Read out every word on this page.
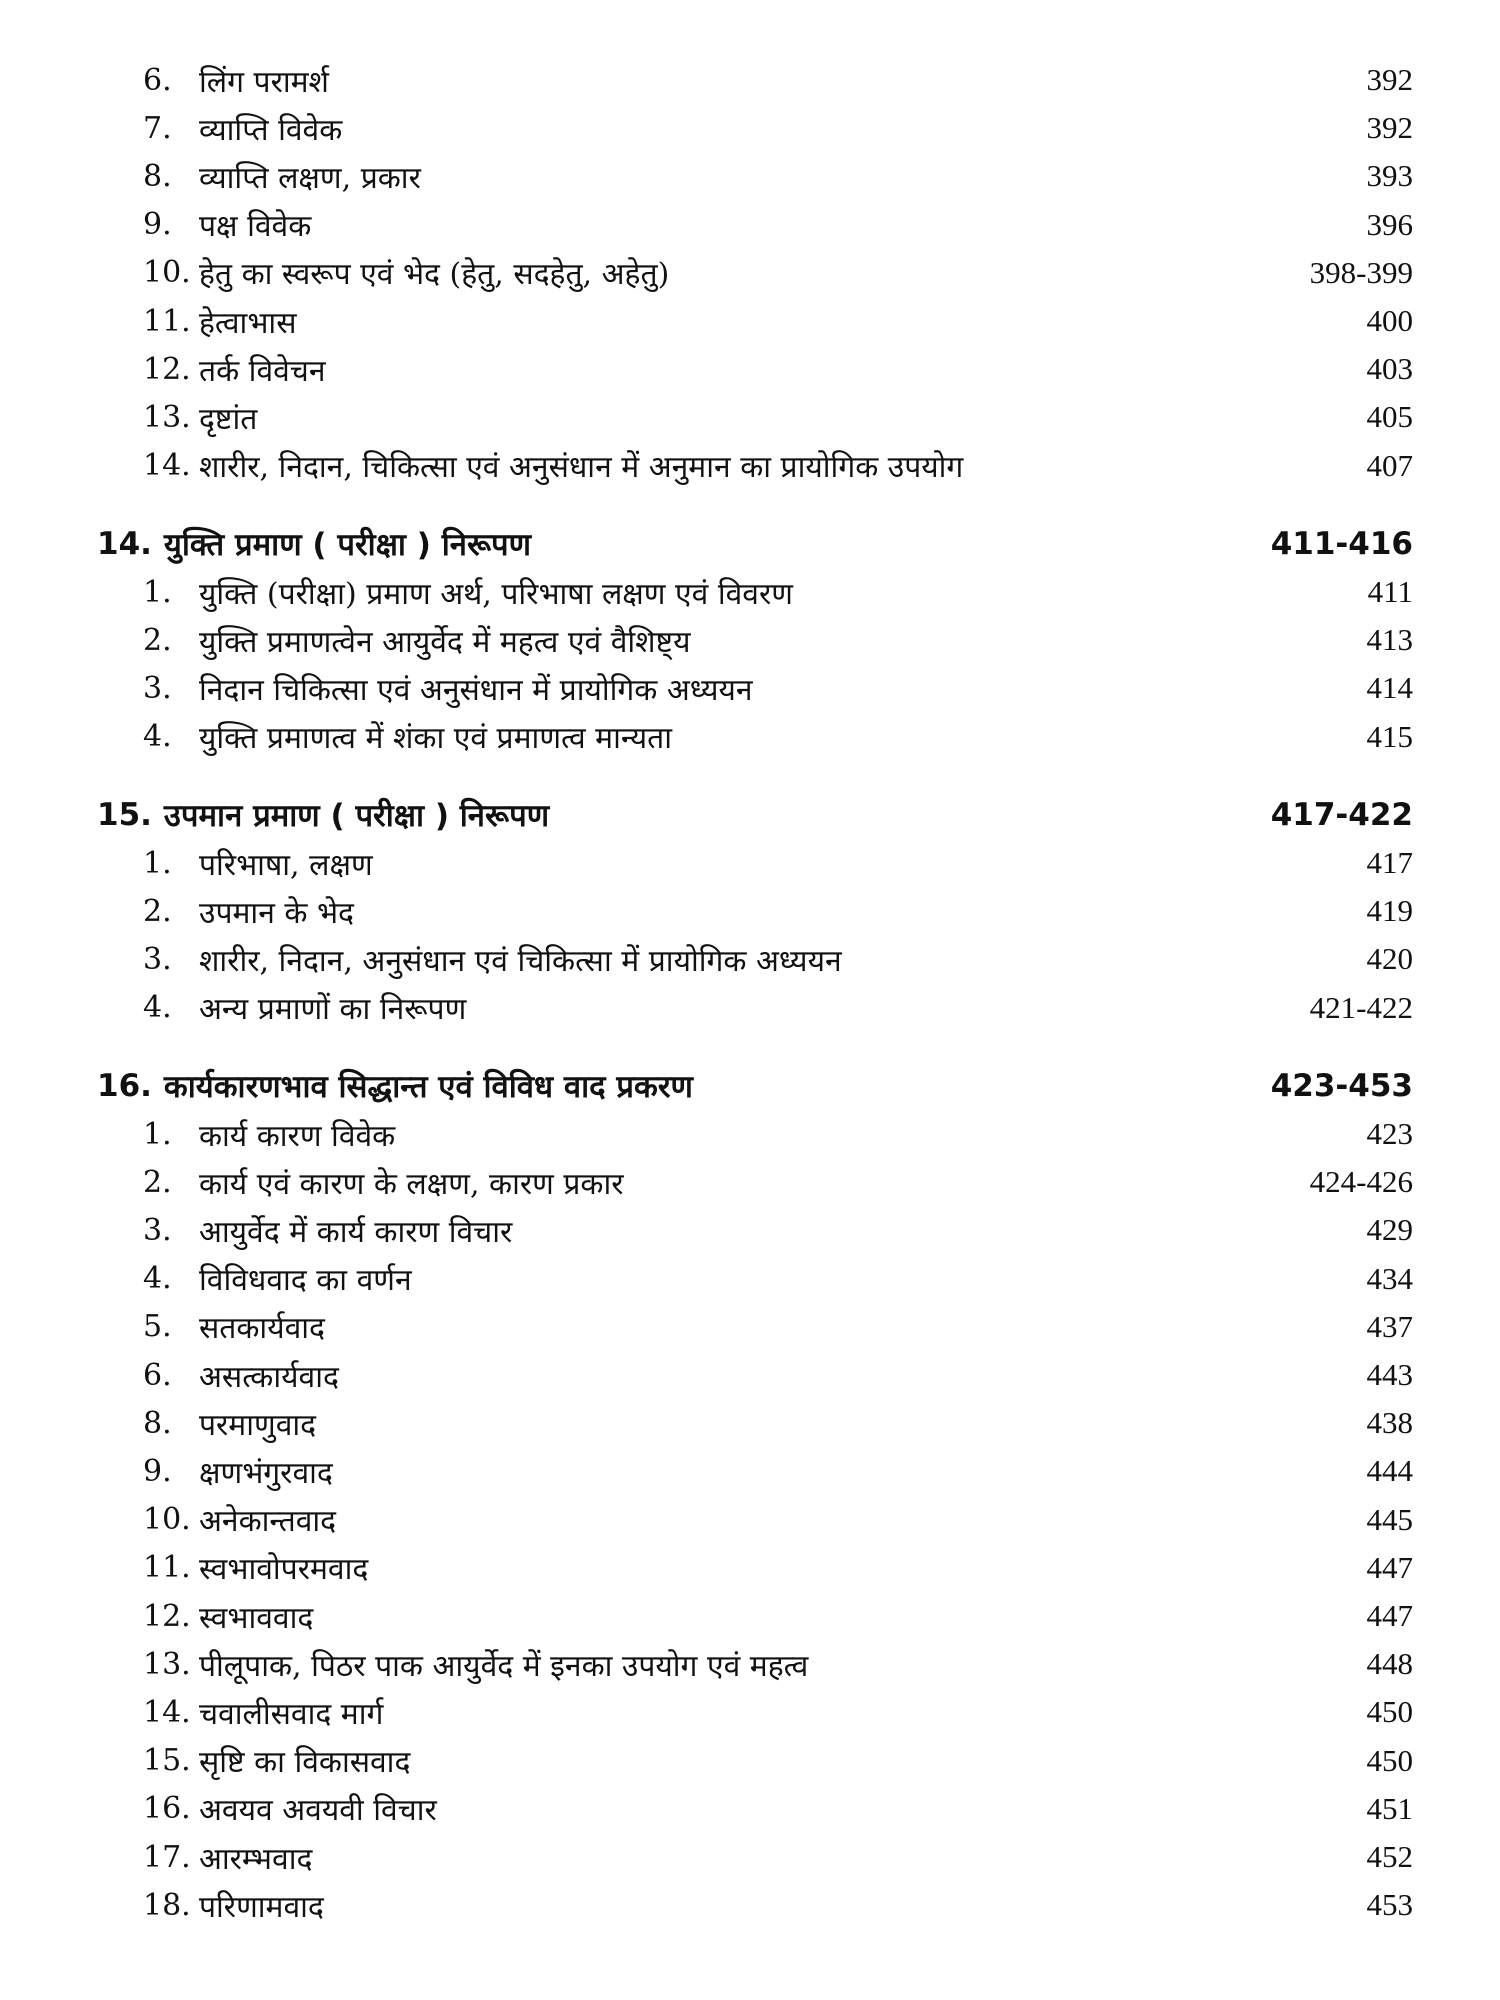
6. लिंग परामर्श	392
7. व्याप्ति विवेक	392
8. व्याप्ति लक्षण, प्रकार	393
9. पक्ष विवेक	396
10. हेतु का स्वरूप एवं भेद (हेतु, सदहेतु, अहेतु)	398-399
11. हेत्वाभास	400
12. तर्क विवेचन	403
13. दृष्टांत	405
14. शारीर, निदान, चिकित्सा एवं अनुसंधान में अनुमान का प्रायोगिक उपयोग	407
14. युक्ति प्रमाण ( परीक्षा ) निरूपण	411-416
1. युक्ति (परीक्षा) प्रमाण अर्थ, परिभाषा लक्षण एवं विवरण	411
2. युक्ति प्रमाणत्वेन आयुर्वेद में महत्व एवं वैशिष्ट्य	413
3. निदान चिकित्सा एवं अनुसंधान में प्रायोगिक अध्ययन	414
4. युक्ति प्रमाणत्व में शंका एवं प्रमाणत्व मान्यता	415
15. उपमान प्रमाण ( परीक्षा ) निरूपण	417-422
1. परिभाषा, लक्षण	417
2. उपमान के भेद	419
3. शारीर, निदान, अनुसंधान एवं चिकित्सा में प्रायोगिक अध्ययन	420
4. अन्य प्रमाणों का निरूपण	421-422
16. कार्यकारणभाव सिद्धान्त एवं विविध वाद प्रकरण	423-453
1. कार्य कारण विवेक	423
2. कार्य एवं कारण के लक्षण, कारण प्रकार	424-426
3. आयुर्वेद में कार्य कारण विचार	429
4. विविधवाद का वर्णन	434
5. सतकार्यवाद	437
6. असत्कार्यवाद	443
8. परमाणुवाद	438
9. क्षणभंगुरवाद	444
10. अनेकान्तवाद	445
11. स्वभावोपरमवाद	447
12. स्वभाववाद	447
13. पीलूपाक, पिठर पाक आयुर्वेद में इनका उपयोग एवं महत्व	448
14. चवालीसवाद मार्ग	450
15. सृष्टि का विकासवाद	450
16. अवयव अवयवी विचार	451
17. आरम्भवाद	452
18. परिणामवाद	453
